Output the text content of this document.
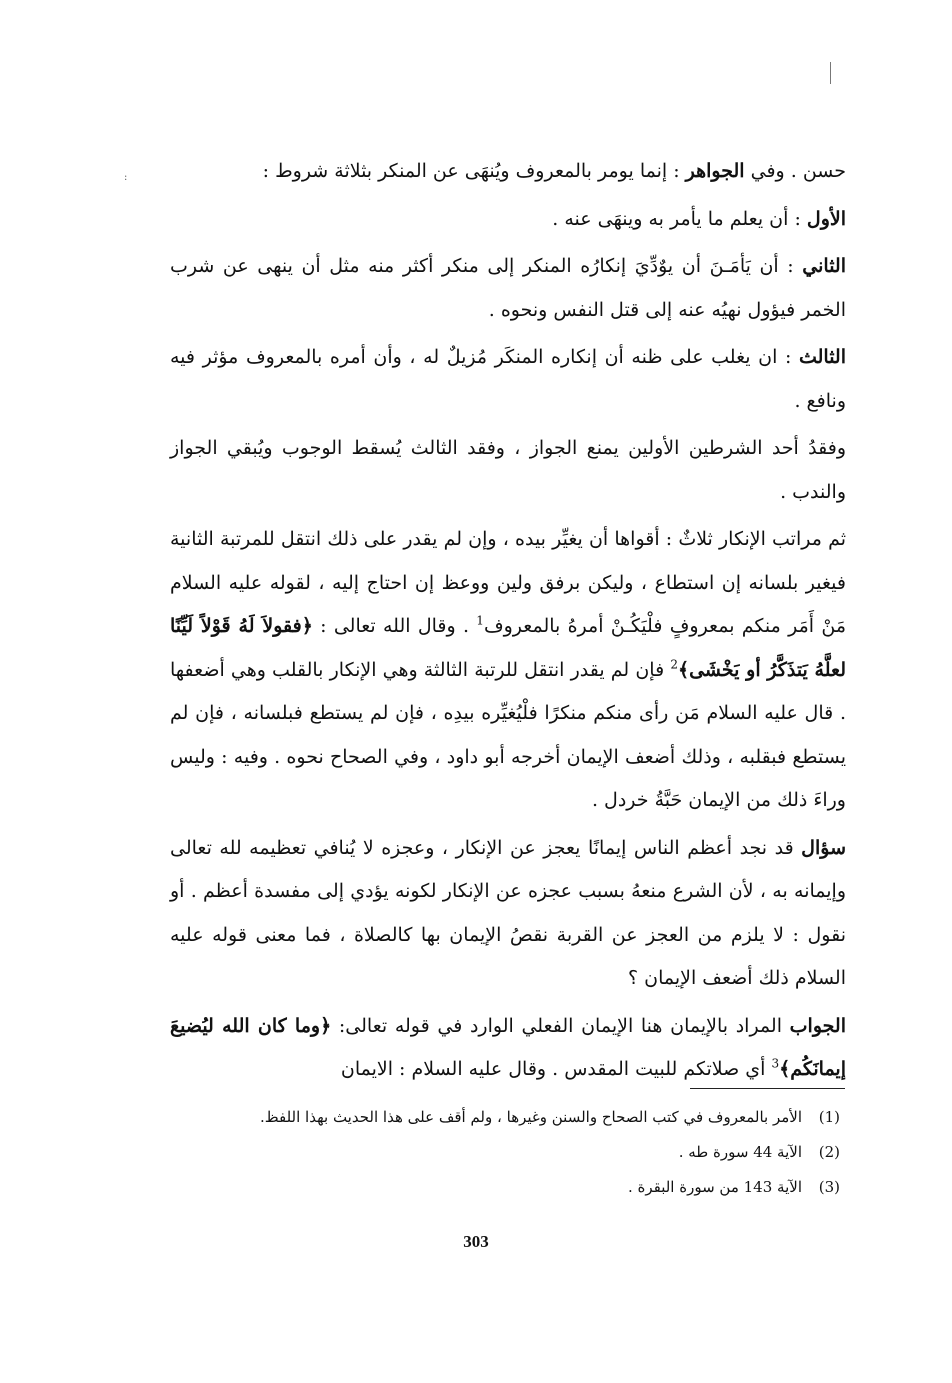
:	حسن . وفي الجواهر : إنما يومر بالمعروف ويُنهَى عن المنكر بثلاثة شروط :

الأول : أن يعلم ما يأمر به وينهَى عنه .

الثاني : أن يَأمَـنَ أن يوٌدِّيَ إنكارُه المنكر إلى منكر أكثر منه مثل أن ينهى عن شرب الخمر فيؤول نهيُه عنه إلى قتل النفس ونحوه .

الثالث : ان يغلب على ظنه أن إنكاره المنكَر مُزيلٌ له ، وأن أمره بالمعروف مؤثر فيه ونافع .

وفقدُ أحد الشرطين الأولين يمنع الجواز ، وفقد الثالث يُسقط الوجوب ويُبقي الجواز والندب .

ثم مراتب الإنكار ثلاثٌ : أقواها أن يغيِّر بيده ، وإن لم يقدر على ذلك انتقل للمرتبة الثانية فيغير بلسانه إن استطاع ، وليكن برفق ولين ووعظ إن احتاج إليه ، لقوله عليه السلام مَنْ أَمَر منكم بمعروفٍ فلْيَكُـنْ أمرهُ بالمعروف$^1$ . وقال الله تعالى : ﴿فقولاَ لَهُ قَوْلاً لَيِّنًا لعلَّهُ يَتذَكَّرُ أو يَخْشَى﴾$^2$ فإن لم يقدر انتقل للرتبة الثالثة وهي الإنكار بالقلب وهي أضعفها . قال عليه السلام مَن رأى منكم منكرًا فلْيُغيِّره بيدِه ، فإن لم يستطع فبلسانه ، فإن لم يستطع فبقلبه ، وذلك أضعف الإيمان أخرجه أبو داود ، وفي الصحاح نحوه . وفيه : وليس وراءَ ذلك من الإيمان حَبَّةُ خردل .

سؤال قد نجد أعظم الناس إيمانًا يعجز عن الإنكار ، وعجزه لا يُنافي تعظيمه لله تعالى وإيمانه به ، لأن الشرع منعهُ بسبب عجزه عن الإنكار لكونه يؤدي إلى مفسدة أعظم . أو نقول : لا يلزم من العجز عن القربة نقصُ الإيمان بها كالصلاة ، فما معنى قوله عليه السلام ذلك أضعف الإيمان ؟

الجواب المراد بالإيمان هنا الإيمان الفعلي الوارد في قوله تعالى: ﴿وما كان الله ليُضيعَ إيمانَكُم﴾$^3$ أي صلاتكم للبيت المقدس . وقال عليه السلام : الايمان

(1)
الأمر بالمعروف في كتب الصحاح والسنن وغيرها ، ولم أقف على هذا الحديث بهذا اللفظ.
(2)
الآية 44 سورة طه .
(3)
الآية 143 من سورة البقرة .
303
